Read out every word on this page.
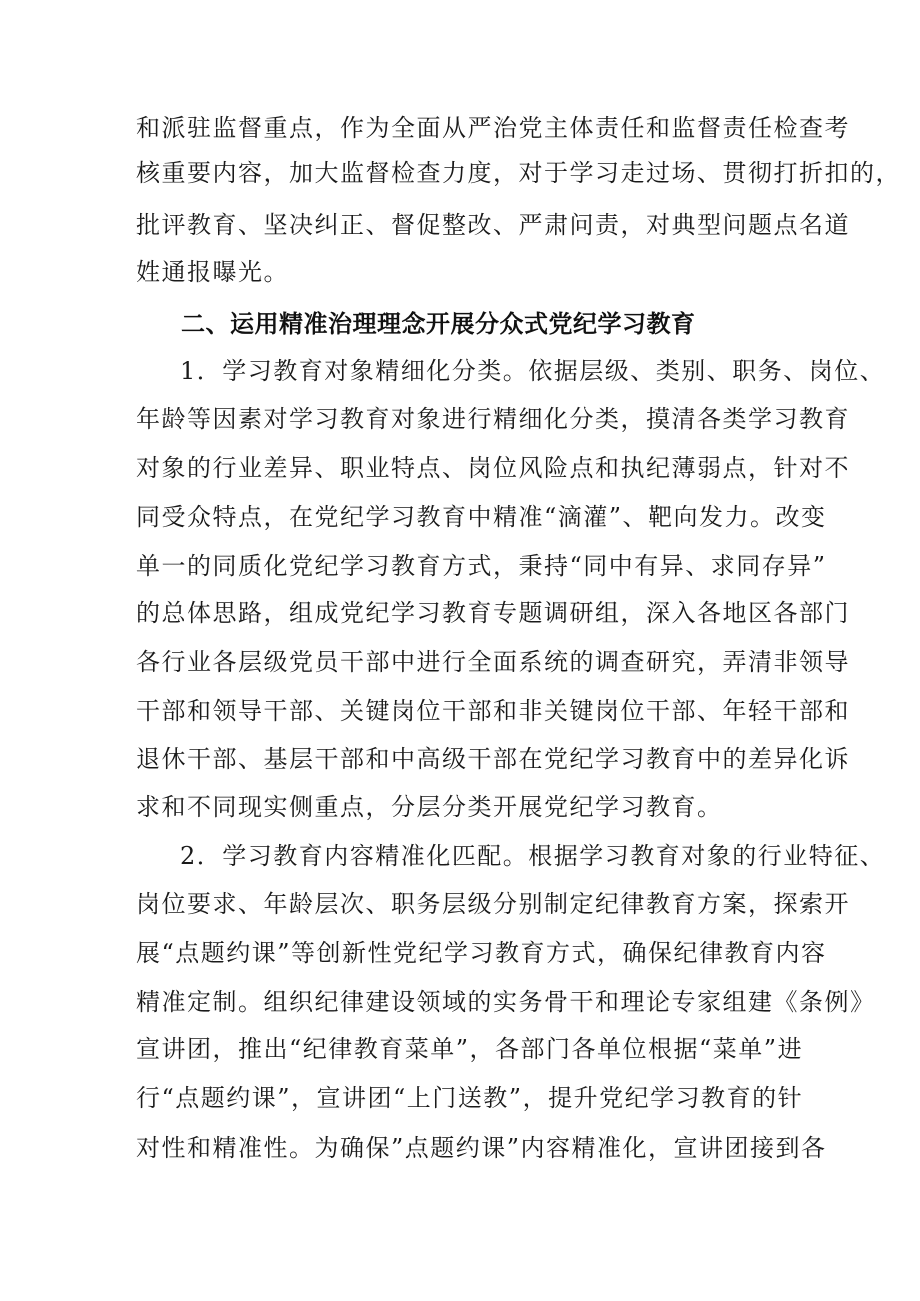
和派驻监督重点，作为全面从严治党主体责任和监督责任检查考
核重要内容，加大监督检查力度，对于学习走过场、贯彻打折扣的，
批评教育、坚决纠正、督促整改、严肃问责，对典型问题点名道
姓通报曝光。
二、运用精准治理理念开展分众式党纪学习教育
1．学习教育对象精细化分类。依据层级、类别、职务、岗位、
年龄等因素对学习教育对象进行精细化分类，摸清各类学习教育
对象的行业差异、职业特点、岗位风险点和执纪薄弱点，针对不
同受众特点，在党纪学习教育中精准“滴灌”、靶向发力。改变
单一的同质化党纪学习教育方式，秉持“同中有异、求同存异”
的总体思路，组成党纪学习教育专题调研组，深入各地区各部门
各行业各层级党员干部中进行全面系统的调查研究，弄清非领导
干部和领导干部、关键岗位干部和非关键岗位干部、年轻干部和
退休干部、基层干部和中高级干部在党纪学习教育中的差异化诉
求和不同现实侧重点，分层分类开展党纪学习教育。
2．学习教育内容精准化匹配。根据学习教育对象的行业特征、
岗位要求、年龄层次、职务层级分别制定纪律教育方案，探索开
展“点题约课”等创新性党纪学习教育方式，确保纪律教育内容
精准定制。组织纪律建设领域的实务骨干和理论专家组建《条例》
宣讲团，推出“纪律教育菜单”，各部门各单位根据“菜单”进
行“点题约课”，宣讲团“上门送教”，提升党纪学习教育的针
对性和精准性。为确保”点题约课”内容精准化，宣讲团接到各
